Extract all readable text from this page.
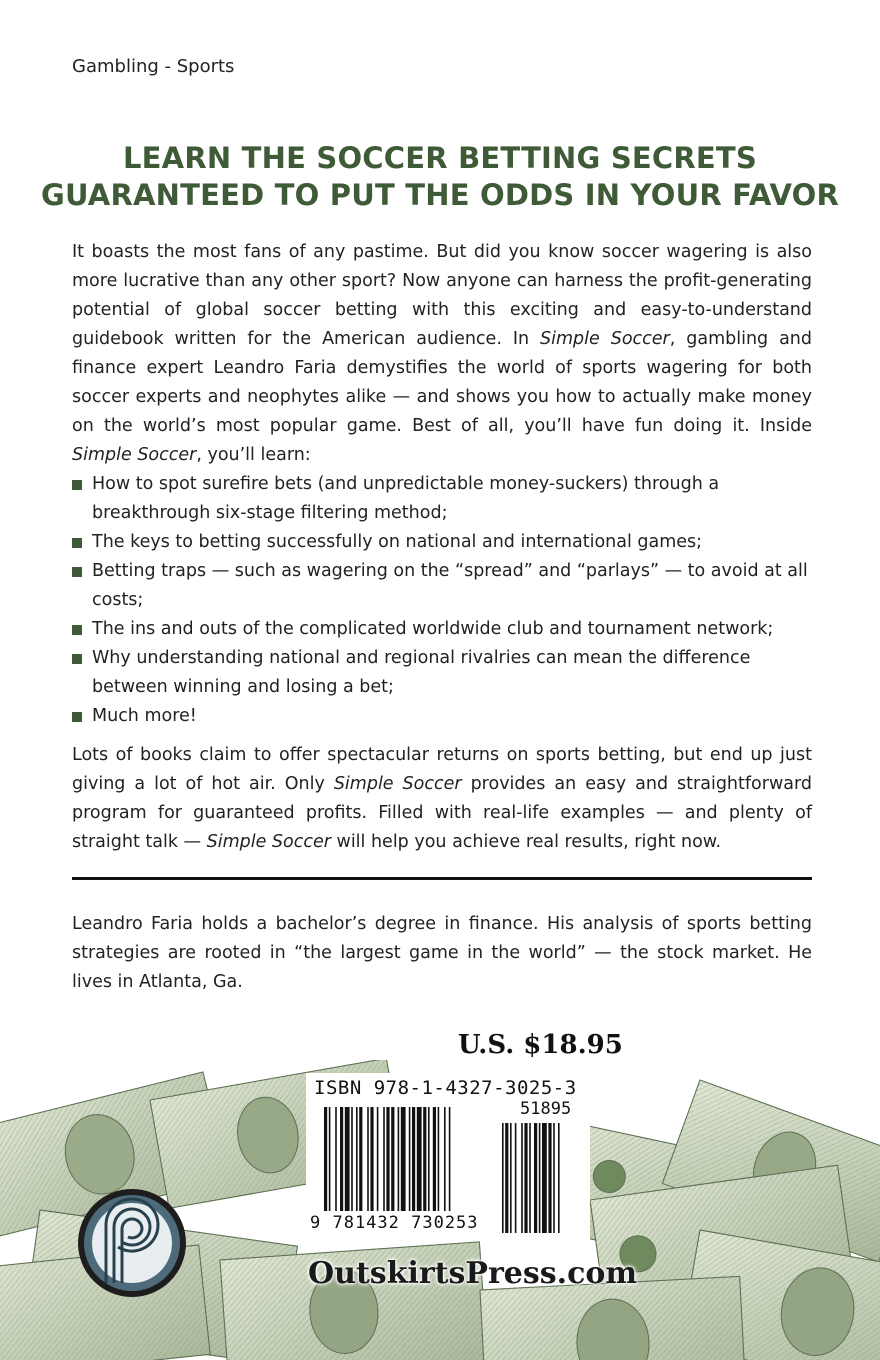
Gambling - Sports
LEARN THE SOCCER BETTING SECRETS
GUARANTEED TO PUT THE ODDS IN YOUR FAVOR

It boasts the most fans of any pastime. But did you know soccer wagering is also more lucrative than any other sport? Now anyone can harness the profit-generating potential of global soccer betting with this exciting and easy-to-understand guidebook written for the American audience. In Simple Soccer, gambling and finance expert Leandro Faria demystifies the world of sports wagering for both soccer experts and neophytes alike — and shows you how to actually make money on the world’s most popular game. Best of all, you’ll have fun doing it. Inside Simple Soccer, you’ll learn:

How to spot surefire bets (and unpredictable money-suckers) through a breakthrough six-stage filtering method;
The keys to betting successfully on national and international games;
Betting traps — such as wagering on the “spread” and “parlays” — to avoid at all costs;
The ins and outs of the complicated worldwide club and tournament network;
Why understanding national and regional rivalries can mean the difference between winning and losing a bet;
Much more!

Lots of books claim to offer spectacular returns on sports betting, but end up just giving a lot of hot air. Only Simple Soccer provides an easy and straightforward program for guaranteed profits. Filled with real-life examples — and plenty of straight talk — Simple Soccer will help you achieve real results, right now.

Leandro Faria holds a bachelor’s degree in finance. His analysis of sports betting strategies are rooted in “the largest game in the world” — the stock market. He lives in Atlanta, Ga.
U.S. $18.95
ISBN 978-1-4327-3025-3
51895
9 781432 730253
OutskirtsPress.com
